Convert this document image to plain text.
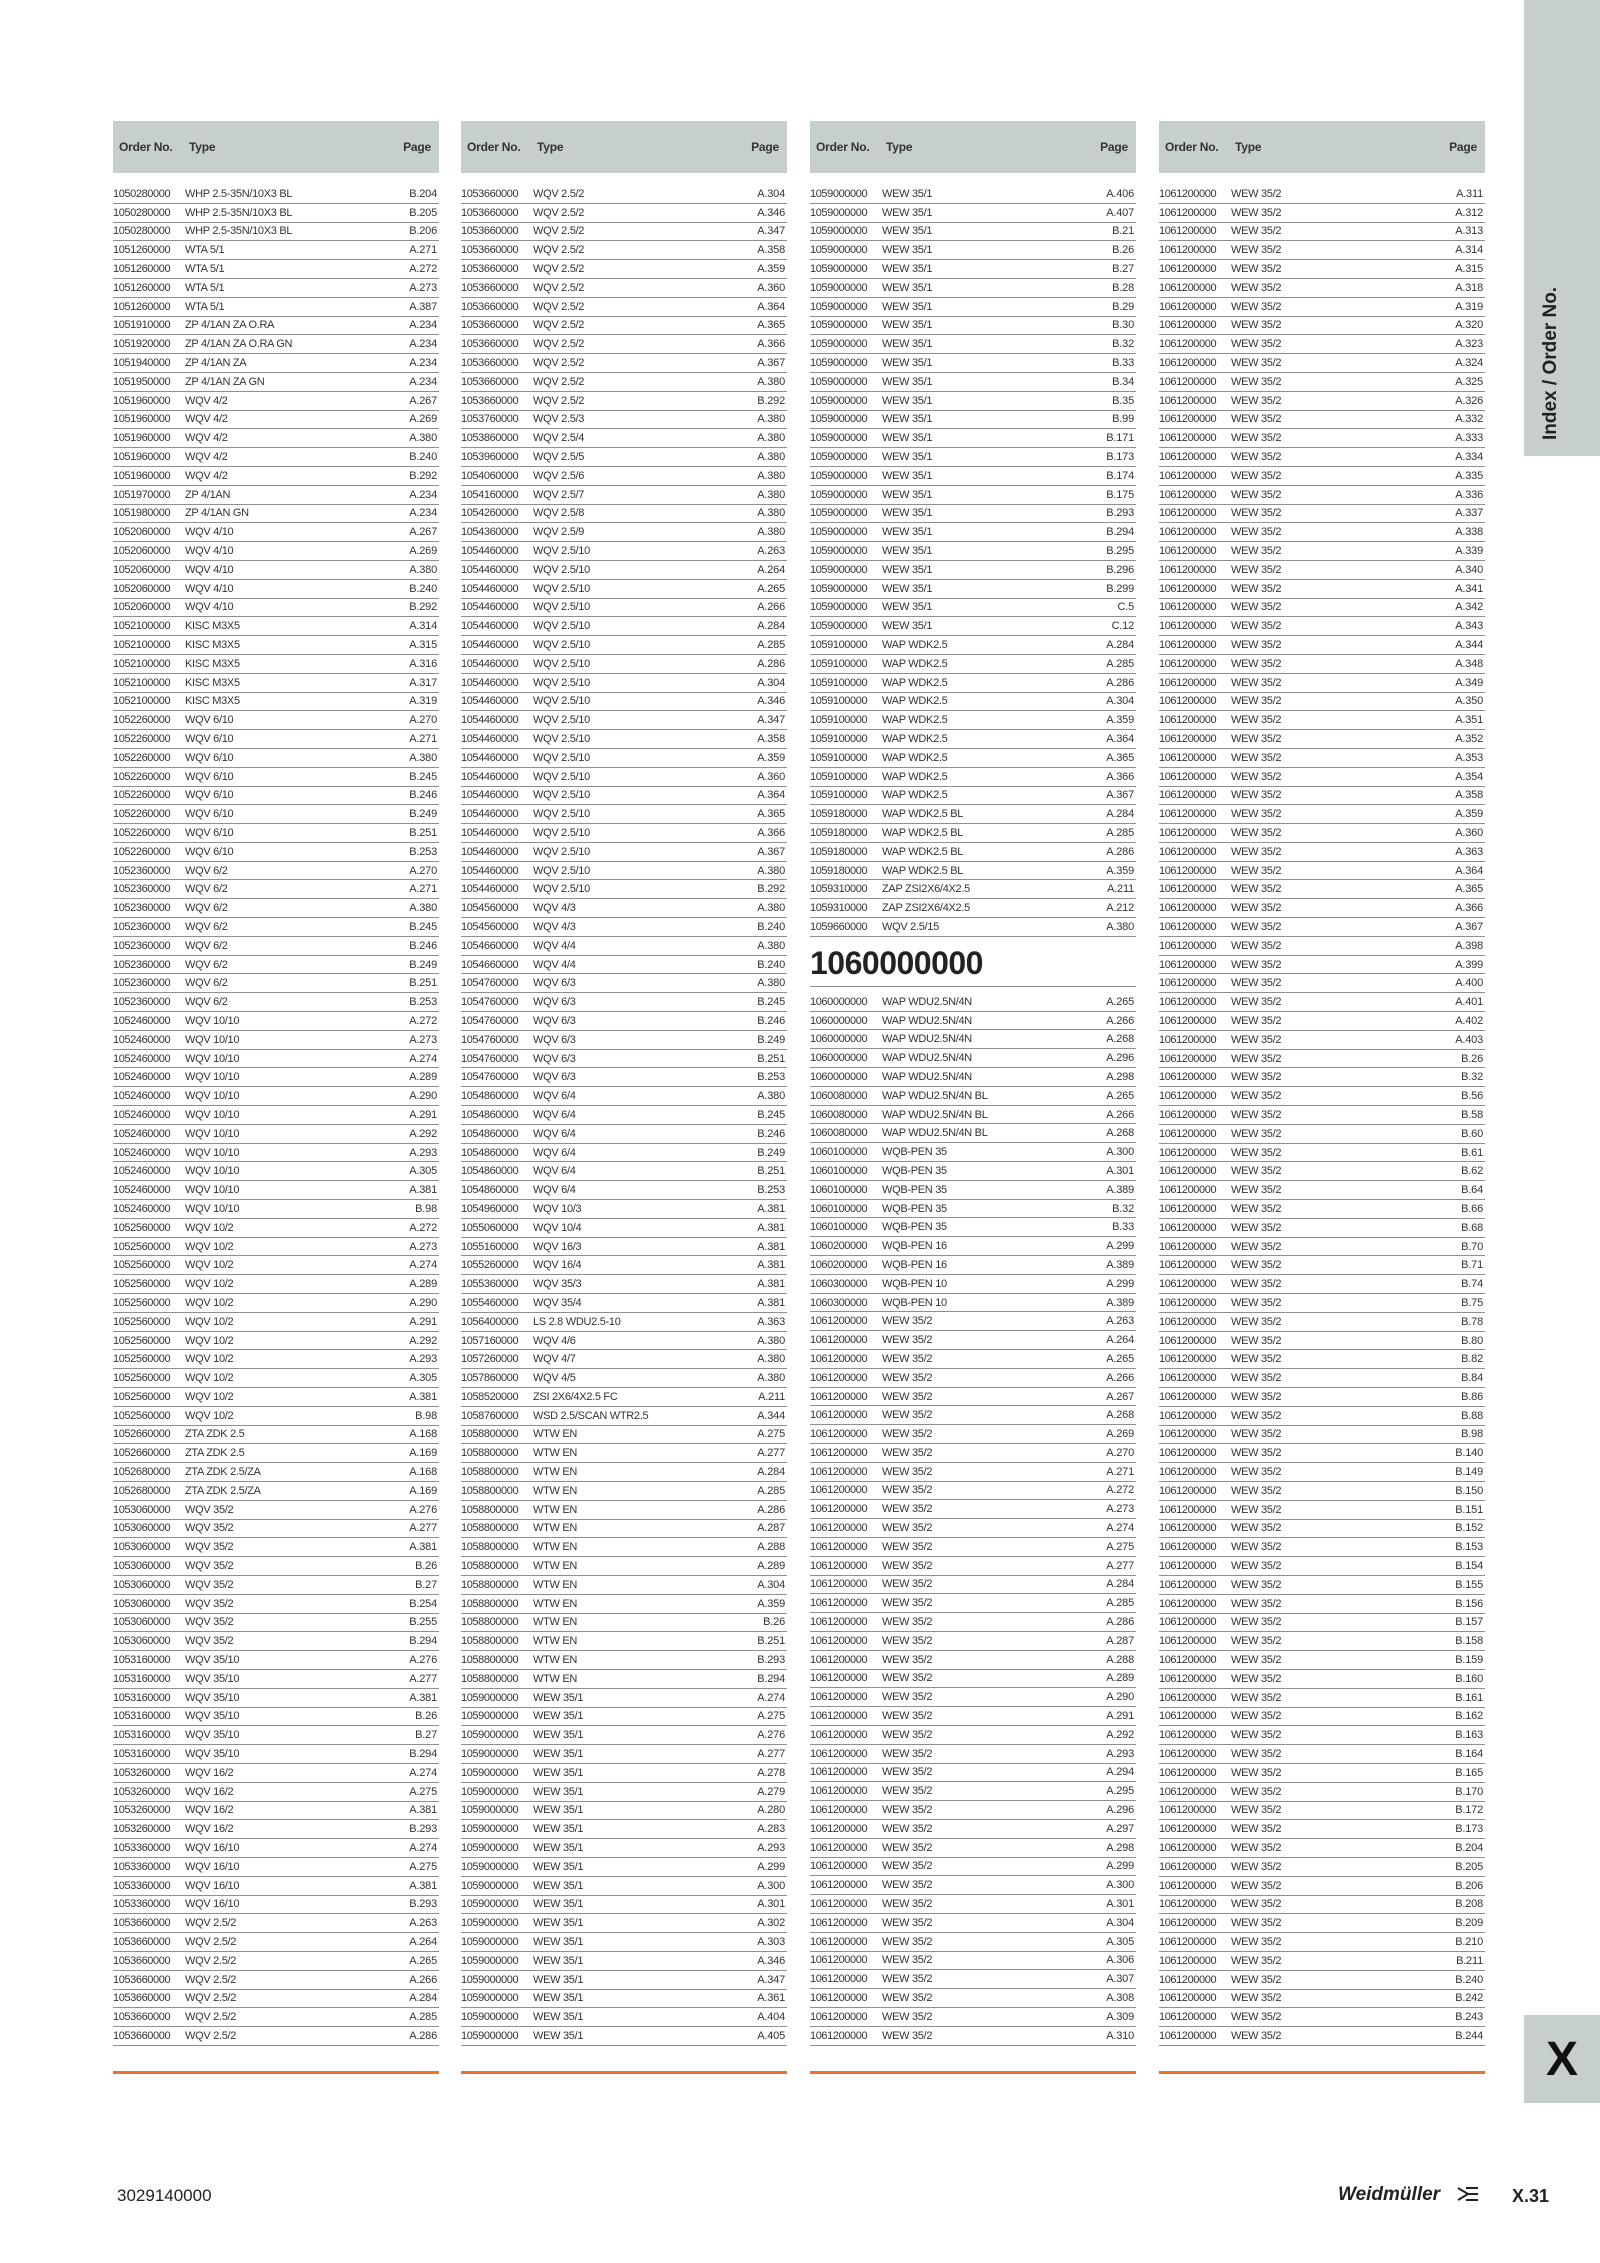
Order No.	Type	Page
1050280000	WHP 2.5-35N/10X3 BL	B.204
1050280000	WHP 2.5-35N/10X3 BL	B.205
1050280000	WHP 2.5-35N/10X3 BL	B.206
1051260000	WTA 5/1	A.271
1051260000	WTA 5/1	A.272
1051260000	WTA 5/1	A.273
1051260000	WTA 5/1	A.387
1051910000	ZP 4/1AN ZA O.RA	A.234
1051920000	ZP 4/1AN ZA O.RA GN	A.234
1051940000	ZP 4/1AN ZA	A.234
1051950000	ZP 4/1AN ZA GN	A.234
1051960000	WQV 4/2	A.267
1051960000	WQV 4/2	A.269
1051960000	WQV 4/2	A.380
1051960000	WQV 4/2	B.240
1051960000	WQV 4/2	B.292
1051970000	ZP 4/1AN	A.234
1051980000	ZP 4/1AN GN	A.234
1052060000	WQV 4/10	A.267
1052060000	WQV 4/10	A.269
1052060000	WQV 4/10	A.380
1052060000	WQV 4/10	B.240
1052060000	WQV 4/10	B.292
1052100000	KISC M3X5	A.314
1052100000	KISC M3X5	A.315
1052100000	KISC M3X5	A.316
1052100000	KISC M3X5	A.317
1052100000	KISC M3X5	A.319
1052260000	WQV 6/10	A.270
1052260000	WQV 6/10	A.271
1052260000	WQV 6/10	A.380
1052260000	WQV 6/10	B.245
1052260000	WQV 6/10	B.246
1052260000	WQV 6/10	B.249
1052260000	WQV 6/10	B.251
1052260000	WQV 6/10	B.253
1052360000	WQV 6/2	A.270
1052360000	WQV 6/2	A.271
1052360000	WQV 6/2	A.380
1052360000	WQV 6/2	B.245
1052360000	WQV 6/2	B.246
1052360000	WQV 6/2	B.249
1052360000	WQV 6/2	B.251
1052360000	WQV 6/2	B.253
1052460000	WQV 10/10	A.272
1052460000	WQV 10/10	A.273
1052460000	WQV 10/10	A.274
1052460000	WQV 10/10	A.289
1052460000	WQV 10/10	A.290
1052460000	WQV 10/10	A.291
1052460000	WQV 10/10	A.292
1052460000	WQV 10/10	A.293
1052460000	WQV 10/10	A.305
1052460000	WQV 10/10	A.381
1052460000	WQV 10/10	B.98
1052560000	WQV 10/2	A.272
1052560000	WQV 10/2	A.273
1052560000	WQV 10/2	A.274
1052560000	WQV 10/2	A.289
1052560000	WQV 10/2	A.290
1052560000	WQV 10/2	A.291
1052560000	WQV 10/2	A.292
1052560000	WQV 10/2	A.293
1052560000	WQV 10/2	A.305
1052560000	WQV 10/2	A.381
1052560000	WQV 10/2	B.98
1052660000	ZTA ZDK 2.5	A.168
1052660000	ZTA ZDK 2.5	A.169
1052680000	ZTA ZDK 2.5/ZA	A.168
1052680000	ZTA ZDK 2.5/ZA	A.169
1053060000	WQV 35/2	A.276
1053060000	WQV 35/2	A.277
1053060000	WQV 35/2	A.381
1053060000	WQV 35/2	B.26
1053060000	WQV 35/2	B.27
1053060000	WQV 35/2	B.254
1053060000	WQV 35/2	B.255
1053060000	WQV 35/2	B.294
1053160000	WQV 35/10	A.276
1053160000	WQV 35/10	A.277
1053160000	WQV 35/10	A.381
1053160000	WQV 35/10	B.26
1053160000	WQV 35/10	B.27
1053160000	WQV 35/10	B.294
1053260000	WQV 16/2	A.274
1053260000	WQV 16/2	A.275
1053260000	WQV 16/2	A.381
1053260000	WQV 16/2	B.293
1053360000	WQV 16/10	A.274
1053360000	WQV 16/10	A.275
1053360000	WQV 16/10	A.381
1053360000	WQV 16/10	B.293
1053660000	WQV 2.5/2	A.263
1053660000	WQV 2.5/2	A.264
1053660000	WQV 2.5/2	A.265
1053660000	WQV 2.5/2	A.266
1053660000	WQV 2.5/2	A.284
1053660000	WQV 2.5/2	A.285
1053660000	WQV 2.5/2	A.286
Order No.	Type	Page
1053660000	WQV 2.5/2	A.304
1053660000	WQV 2.5/2	A.346
1053660000	WQV 2.5/2	A.347
1053660000	WQV 2.5/2	A.358
1053660000	WQV 2.5/2	A.359
1053660000	WQV 2.5/2	A.360
1053660000	WQV 2.5/2	A.364
1053660000	WQV 2.5/2	A.365
1053660000	WQV 2.5/2	A.366
1053660000	WQV 2.5/2	A.367
1053660000	WQV 2.5/2	A.380
1053660000	WQV 2.5/2	B.292
1053760000	WQV 2.5/3	A.380
1053860000	WQV 2.5/4	A.380
1053960000	WQV 2.5/5	A.380
1054060000	WQV 2.5/6	A.380
1054160000	WQV 2.5/7	A.380
1054260000	WQV 2.5/8	A.380
1054360000	WQV 2.5/9	A.380
1054460000	WQV 2.5/10	A.263
1054460000	WQV 2.5/10	A.264
1054460000	WQV 2.5/10	A.265
1054460000	WQV 2.5/10	A.266
1054460000	WQV 2.5/10	A.284
1054460000	WQV 2.5/10	A.285
1054460000	WQV 2.5/10	A.286
1054460000	WQV 2.5/10	A.304
1054460000	WQV 2.5/10	A.346
1054460000	WQV 2.5/10	A.347
1054460000	WQV 2.5/10	A.358
1054460000	WQV 2.5/10	A.359
1054460000	WQV 2.5/10	A.360
1054460000	WQV 2.5/10	A.364
1054460000	WQV 2.5/10	A.365
1054460000	WQV 2.5/10	A.366
1054460000	WQV 2.5/10	A.367
1054460000	WQV 2.5/10	A.380
1054460000	WQV 2.5/10	B.292
1054560000	WQV 4/3	A.380
1054560000	WQV 4/3	B.240
1054660000	WQV 4/4	A.380
1054660000	WQV 4/4	B.240
1054760000	WQV 6/3	A.380
1054760000	WQV 6/3	B.245
1054760000	WQV 6/3	B.246
1054760000	WQV 6/3	B.249
1054760000	WQV 6/3	B.251
1054760000	WQV 6/3	B.253
1054860000	WQV 6/4	A.380
1054860000	WQV 6/4	B.245
1054860000	WQV 6/4	B.246
1054860000	WQV 6/4	B.249
1054860000	WQV 6/4	B.251
1054860000	WQV 6/4	B.253
1054960000	WQV 10/3	A.381
1055060000	WQV 10/4	A.381
1055160000	WQV 16/3	A.381
1055260000	WQV 16/4	A.381
1055360000	WQV 35/3	A.381
1055460000	WQV 35/4	A.381
1056400000	LS 2.8 WDU2.5-10	A.363
1057160000	WQV 4/6	A.380
1057260000	WQV 4/7	A.380
1057860000	WQV 4/5	A.380
1058520000	ZSI 2X6/4X2.5 FC	A.211
1058760000	WSD 2.5/SCAN WTR2.5	A.344
1058800000	WTW EN	A.275
1058800000	WTW EN	A.277
1058800000	WTW EN	A.284
1058800000	WTW EN	A.285
1058800000	WTW EN	A.286
1058800000	WTW EN	A.287
1058800000	WTW EN	A.288
1058800000	WTW EN	A.289
1058800000	WTW EN	A.304
1058800000	WTW EN	A.359
1058800000	WTW EN	B.26
1058800000	WTW EN	B.251
1058800000	WTW EN	B.293
1058800000	WTW EN	B.294
1059000000	WEW 35/1	A.274
1059000000	WEW 35/1	A.275
1059000000	WEW 35/1	A.276
1059000000	WEW 35/1	A.277
1059000000	WEW 35/1	A.278
1059000000	WEW 35/1	A.279
1059000000	WEW 35/1	A.280
1059000000	WEW 35/1	A.283
1059000000	WEW 35/1	A.293
1059000000	WEW 35/1	A.299
1059000000	WEW 35/1	A.300
1059000000	WEW 35/1	A.301
1059000000	WEW 35/1	A.302
1059000000	WEW 35/1	A.303
1059000000	WEW 35/1	A.346
1059000000	WEW 35/1	A.347
1059000000	WEW 35/1	A.361
1059000000	WEW 35/1	A.404
1059000000	WEW 35/1	A.405
Order No.	Type	Page
1059000000	WEW 35/1	A.406
1059000000	WEW 35/1	A.407
1059000000	WEW 35/1	B.21
1059000000	WEW 35/1	B.26
1059000000	WEW 35/1	B.27
1059000000	WEW 35/1	B.28
1059000000	WEW 35/1	B.29
1059000000	WEW 35/1	B.30
1059000000	WEW 35/1	B.32
1059000000	WEW 35/1	B.33
1059000000	WEW 35/1	B.34
1059000000	WEW 35/1	B.35
1059000000	WEW 35/1	B.99
1059000000	WEW 35/1	B.171
1059000000	WEW 35/1	B.173
1059000000	WEW 35/1	B.174
1059000000	WEW 35/1	B.175
1059000000	WEW 35/1	B.293
1059000000	WEW 35/1	B.294
1059000000	WEW 35/1	B.295
1059000000	WEW 35/1	B.296
1059000000	WEW 35/1	B.299
1059000000	WEW 35/1	C.5
1059000000	WEW 35/1	C.12
1059100000	WAP WDK2.5	A.284
1059100000	WAP WDK2.5	A.285
1059100000	WAP WDK2.5	A.286
1059100000	WAP WDK2.5	A.304
1059100000	WAP WDK2.5	A.359
1059100000	WAP WDK2.5	A.364
1059100000	WAP WDK2.5	A.365
1059100000	WAP WDK2.5	A.366
1059100000	WAP WDK2.5	A.367
1059180000	WAP WDK2.5 BL	A.284
1059180000	WAP WDK2.5 BL	A.285
1059180000	WAP WDK2.5 BL	A.286
1059180000	WAP WDK2.5 BL	A.359
1059310000	ZAP ZSI2X6/4X2.5	A.211
1059310000	ZAP ZSI2X6/4X2.5	A.212
1059660000	WQV 2.5/15	A.380
1060000000
1060000000	WAP WDU2.5N/4N	A.265
1060000000	WAP WDU2.5N/4N	A.266
1060000000	WAP WDU2.5N/4N	A.268
1060000000	WAP WDU2.5N/4N	A.296
1060000000	WAP WDU2.5N/4N	A.298
1060080000	WAP WDU2.5N/4N BL	A.265
1060080000	WAP WDU2.5N/4N BL	A.266
1060080000	WAP WDU2.5N/4N BL	A.268
1060100000	WQB-PEN 35	A.300
1060100000	WQB-PEN 35	A.301
1060100000	WQB-PEN 35	A.389
1060100000	WQB-PEN 35	B.32
1060100000	WQB-PEN 35	B.33
1060200000	WQB-PEN 16	A.299
1060200000	WQB-PEN 16	A.389
1060300000	WQB-PEN 10	A.299
1060300000	WQB-PEN 10	A.389
1061200000	WEW 35/2	A.263
1061200000	WEW 35/2	A.264
1061200000	WEW 35/2	A.265
1061200000	WEW 35/2	A.266
1061200000	WEW 35/2	A.267
1061200000	WEW 35/2	A.268
1061200000	WEW 35/2	A.269
1061200000	WEW 35/2	A.270
1061200000	WEW 35/2	A.271
1061200000	WEW 35/2	A.272
1061200000	WEW 35/2	A.273
1061200000	WEW 35/2	A.274
1061200000	WEW 35/2	A.275
1061200000	WEW 35/2	A.277
1061200000	WEW 35/2	A.284
1061200000	WEW 35/2	A.285
1061200000	WEW 35/2	A.286
1061200000	WEW 35/2	A.287
1061200000	WEW 35/2	A.288
1061200000	WEW 35/2	A.289
1061200000	WEW 35/2	A.290
1061200000	WEW 35/2	A.291
1061200000	WEW 35/2	A.292
1061200000	WEW 35/2	A.293
1061200000	WEW 35/2	A.294
1061200000	WEW 35/2	A.295
1061200000	WEW 35/2	A.296
1061200000	WEW 35/2	A.297
1061200000	WEW 35/2	A.298
1061200000	WEW 35/2	A.299
1061200000	WEW 35/2	A.300
1061200000	WEW 35/2	A.301
1061200000	WEW 35/2	A.304
1061200000	WEW 35/2	A.305
1061200000	WEW 35/2	A.306
1061200000	WEW 35/2	A.307
1061200000	WEW 35/2	A.308
1061200000	WEW 35/2	A.309
1061200000	WEW 35/2	A.310
Order No.	Type	Page
1061200000	WEW 35/2	A.311
1061200000	WEW 35/2	A.312
1061200000	WEW 35/2	A.313
1061200000	WEW 35/2	A.314
1061200000	WEW 35/2	A.315
1061200000	WEW 35/2	A.318
1061200000	WEW 35/2	A.319
1061200000	WEW 35/2	A.320
1061200000	WEW 35/2	A.323
1061200000	WEW 35/2	A.324
1061200000	WEW 35/2	A.325
1061200000	WEW 35/2	A.326
1061200000	WEW 35/2	A.332
1061200000	WEW 35/2	A.333
1061200000	WEW 35/2	A.334
1061200000	WEW 35/2	A.335
1061200000	WEW 35/2	A.336
1061200000	WEW 35/2	A.337
1061200000	WEW 35/2	A.338
1061200000	WEW 35/2	A.339
1061200000	WEW 35/2	A.340
1061200000	WEW 35/2	A.341
1061200000	WEW 35/2	A.342
1061200000	WEW 35/2	A.343
1061200000	WEW 35/2	A.344
1061200000	WEW 35/2	A.348
1061200000	WEW 35/2	A.349
1061200000	WEW 35/2	A.350
1061200000	WEW 35/2	A.351
1061200000	WEW 35/2	A.352
1061200000	WEW 35/2	A.353
1061200000	WEW 35/2	A.354
1061200000	WEW 35/2	A.358
1061200000	WEW 35/2	A.359
1061200000	WEW 35/2	A.360
1061200000	WEW 35/2	A.363
1061200000	WEW 35/2	A.364
1061200000	WEW 35/2	A.365
1061200000	WEW 35/2	A.366
1061200000	WEW 35/2	A.367
1061200000	WEW 35/2	A.398
1061200000	WEW 35/2	A.399
1061200000	WEW 35/2	A.400
1061200000	WEW 35/2	A.401
1061200000	WEW 35/2	A.402
1061200000	WEW 35/2	A.403
1061200000	WEW 35/2	B.26
1061200000	WEW 35/2	B.32
1061200000	WEW 35/2	B.56
1061200000	WEW 35/2	B.58
1061200000	WEW 35/2	B.60
1061200000	WEW 35/2	B.61
1061200000	WEW 35/2	B.62
1061200000	WEW 35/2	B.64
1061200000	WEW 35/2	B.66
1061200000	WEW 35/2	B.68
1061200000	WEW 35/2	B.70
1061200000	WEW 35/2	B.71
1061200000	WEW 35/2	B.74
1061200000	WEW 35/2	B.75
1061200000	WEW 35/2	B.78
1061200000	WEW 35/2	B.80
1061200000	WEW 35/2	B.82
1061200000	WEW 35/2	B.84
1061200000	WEW 35/2	B.86
1061200000	WEW 35/2	B.88
1061200000	WEW 35/2	B.98
1061200000	WEW 35/2	B.140
1061200000	WEW 35/2	B.149
1061200000	WEW 35/2	B.150
1061200000	WEW 35/2	B.151
1061200000	WEW 35/2	B.152
1061200000	WEW 35/2	B.153
1061200000	WEW 35/2	B.154
1061200000	WEW 35/2	B.155
1061200000	WEW 35/2	B.156
1061200000	WEW 35/2	B.157
1061200000	WEW 35/2	B.158
1061200000	WEW 35/2	B.159
1061200000	WEW 35/2	B.160
1061200000	WEW 35/2	B.161
1061200000	WEW 35/2	B.162
1061200000	WEW 35/2	B.163
1061200000	WEW 35/2	B.164
1061200000	WEW 35/2	B.165
1061200000	WEW 35/2	B.170
1061200000	WEW 35/2	B.172
1061200000	WEW 35/2	B.173
1061200000	WEW 35/2	B.204
1061200000	WEW 35/2	B.205
1061200000	WEW 35/2	B.206
1061200000	WEW 35/2	B.208
1061200000	WEW 35/2	B.209
1061200000	WEW 35/2	B.210
1061200000	WEW 35/2	B.211
1061200000	WEW 35/2	B.240
1061200000	WEW 35/2	B.242
1061200000	WEW 35/2	B.243
1061200000	WEW 35/2	B.244
Index / Order No.
X
3029140000	Weidmüller	X.31
